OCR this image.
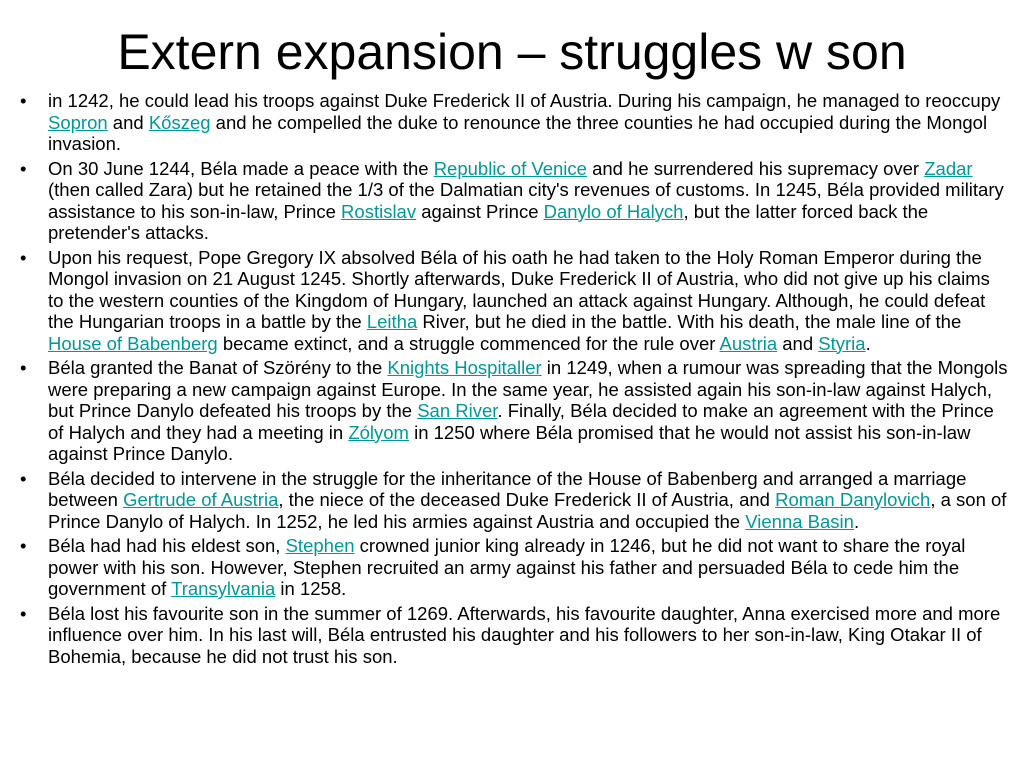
Extern expansion – struggles w son
• in 1242, he could lead his troops against Duke Frederick II of Austria. During his campaign, he managed to reoccupy Sopron and Kőszeg and he compelled the duke to renounce the three counties he had occupied during the Mongol invasion.
• On 30 June 1244, Béla made a peace with the Republic of Venice and he surrendered his supremacy over Zadar (then called Zara) but he retained the 1/3 of the Dalmatian city's revenues of customs. In 1245, Béla provided military assistance to his son-in-law, Prince Rostislav against Prince Danylo of Halych, but the latter forced back the pretender's attacks.
• Upon his request, Pope Gregory IX absolved Béla of his oath he had taken to the Holy Roman Emperor during the Mongol invasion on 21 August 1245. Shortly afterwards, Duke Frederick II of Austria, who did not give up his claims to the western counties of the Kingdom of Hungary, launched an attack against Hungary. Although, he could defeat the Hungarian troops in a battle by the Leitha River, but he died in the battle. With his death, the male line of the House of Babenberg became extinct, and a struggle commenced for the rule over Austria and Styria.
• Béla granted the Banat of Szörény to the Knights Hospitaller in 1249, when a rumour was spreading that the Mongols were preparing a new campaign against Europe. In the same year, he assisted again his son-in-law against Halych, but Prince Danylo defeated his troops by the San River. Finally, Béla decided to make an agreement with the Prince of Halych and they had a meeting in Zólyom in 1250 where Béla promised that he would not assist his son-in-law against Prince Danylo.
• Béla decided to intervene in the struggle for the inheritance of the House of Babenberg and arranged a marriage between Gertrude of Austria, the niece of the deceased Duke Frederick II of Austria, and Roman Danylovich, a son of Prince Danylo of Halych. In 1252, he led his armies against Austria and occupied the Vienna Basin.
• Béla had had his eldest son, Stephen crowned junior king already in 1246, but he did not want to share the royal power with his son. However, Stephen recruited an army against his father and persuaded Béla to cede him the government of Transylvania in 1258.
• Béla lost his favourite son in the summer of 1269. Afterwards, his favourite daughter, Anna exercised more and more influence over him. In his last will, Béla entrusted his daughter and his followers to her son-in-law, King Otakar II of Bohemia, because he did not trust his son.
